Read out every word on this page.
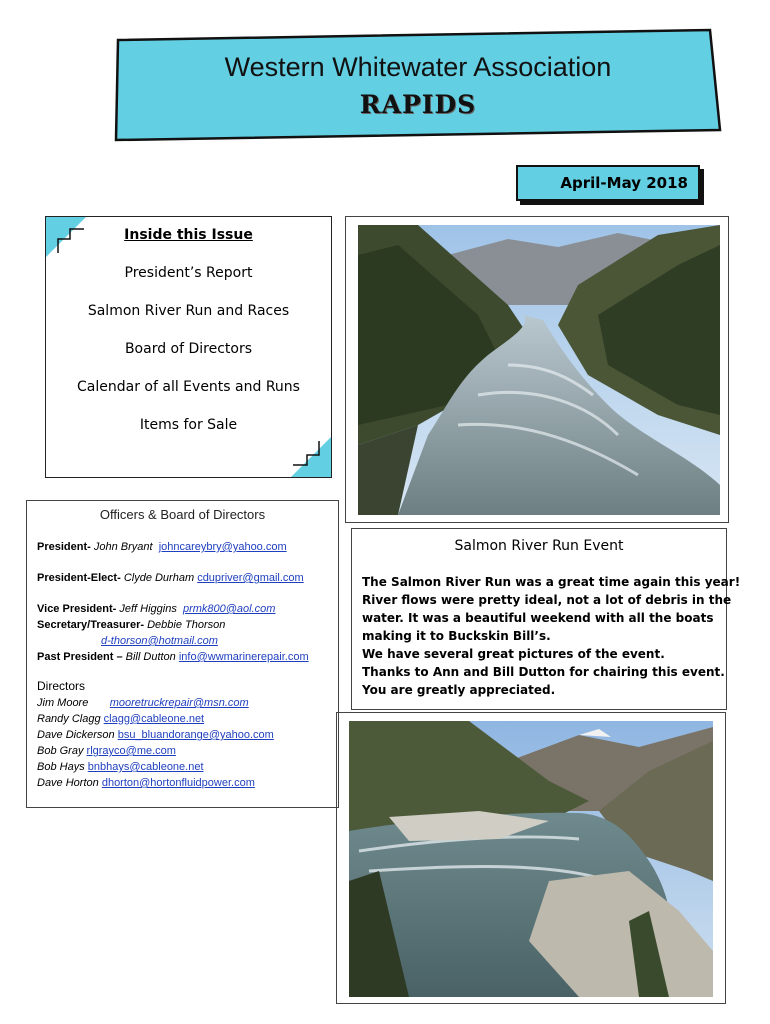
Western Whitewater Association
RAPIDS
April-May 2018
Inside this Issue
President’s Report
Salmon River Run and Races
Board of Directors
Calendar of all Events and Runs
Items for Sale
Officers & Board of Directors
President- John Bryant johncareybry@yahoo.com
President-Elect- Clyde Durham cdupriver@gmail.com
Vice President- Jeff Higgins prmk800@aol.com
Secretary/Treasurer- Debbie Thorson
d-thorson@hotmail.com
Past President – Bill Dutton info@wwmarinerepair.com
Directors
Jim Moore mooretruckrepair@msn.com
Randy Clagg clagg@cableone.net
Dave Dickerson bsu_bluandorange@yahoo.com
Bob Gray rlgrayco@me.com
Bob Hays bnbhays@cableone.net
Dave Horton dhorton@hortonfluidpower.com
Salmon River Run Event
The Salmon River Run was a great time again this year!
River flows were pretty ideal, not a lot of debris in the
water. It was a beautiful weekend with all the boats
making it to Buckskin Bill’s.
We have several great pictures of the event.
Thanks to Ann and Bill Dutton for chairing this event.
You are greatly appreciated.
